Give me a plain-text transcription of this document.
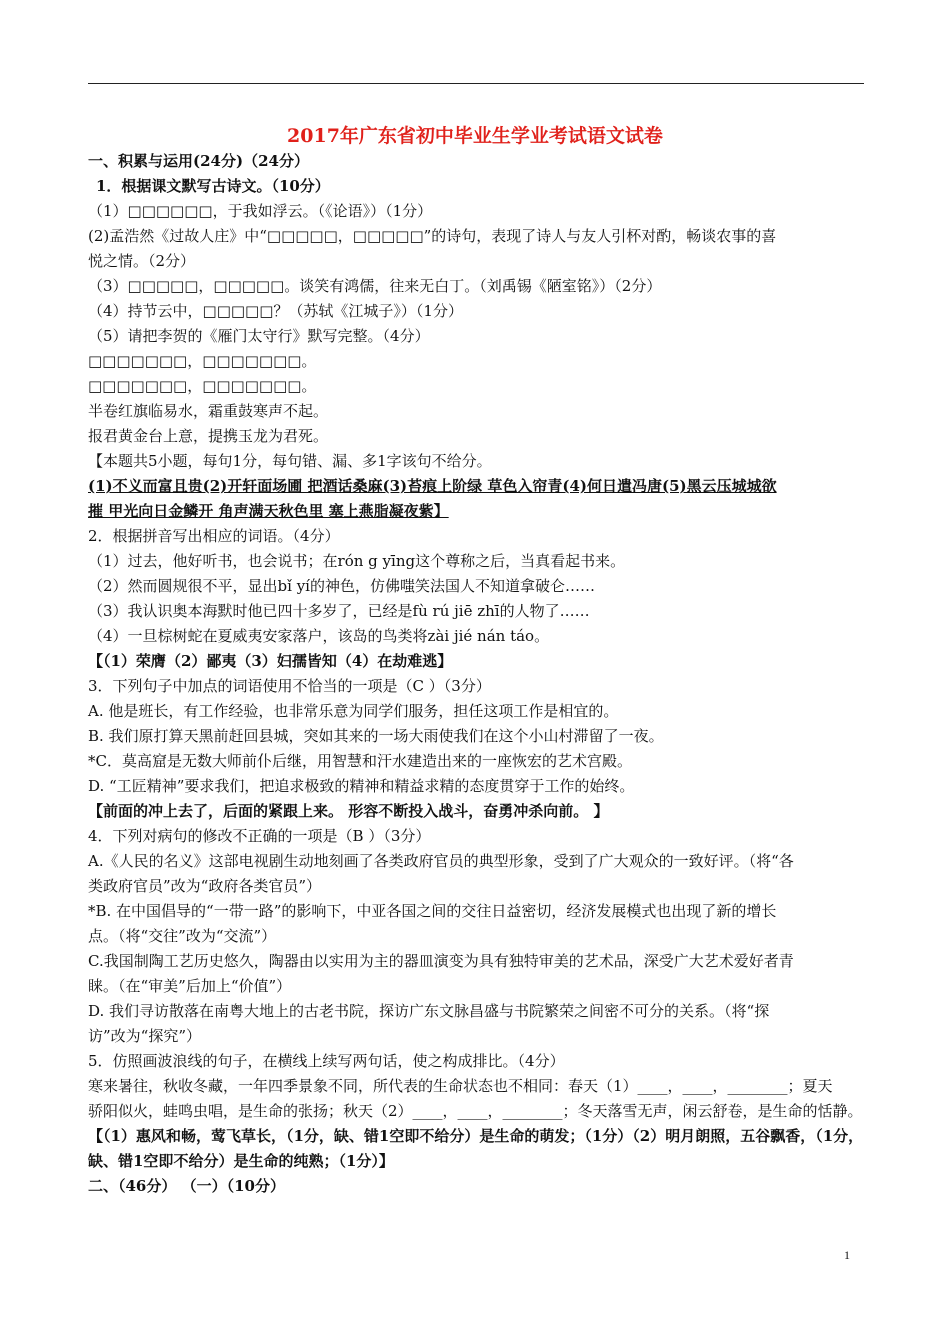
2017年广东省初中毕业生学业考试语文试卷
一、积累与运用(24分)（24分）
1．根据课文默写古诗文。（10分）
（1）□□□□□□，于我如浮云。（《论语》）（1分）
(2)孟浩然《过故人庄》中“□□□□□，□□□□□”的诗句，表现了诗人与友人引杯对酌，畅谈农事的喜
悦之情。（2分）
（3）□□□□□，□□□□□。谈笑有鸿儒，往来无白丁。（刘禹锡《陋室铭》）（2分）
（4）持节云中，□□□□□？（苏轼《江城子》）（1分）
（5）请把李贺的《雁门太守行》默写完整。（4分）
□□□□□□□，□□□□□□□。
□□□□□□□，□□□□□□□。
半卷红旗临易水，霜重鼓寒声不起。
报君黄金台上意，提携玉龙为君死。
【本题共5小题，每句1分，每句错、漏、多1字该句不给分。
(1)不义而富且贵(2)开轩面场圃 把酒话桑麻(3)苔痕上阶绿 草色入帘青(4)何日遣冯唐(5)黑云压城城欲
摧 甲光向日金鳞开 角声满天秋色里 塞上燕脂凝夜紫】
2．根据拼音写出相应的词语。（4分）
（1）过去，他好听书，也会说书；在rón g yīng这个尊称之后，当真看起书来。
（2）然而圆规很不平，显出bǐ yí的神色，仿佛嗤笑法国人不知道拿破仑……
（3）我认识奥本海默时他已四十多岁了，已经是fù rú jiē zhī的人物了……
（4）一旦棕树蛇在夏威夷安家落户，该岛的鸟类将zài jié nán táo。
【（1）荣膺（2）鄙夷（3）妇孺皆知（4）在劫难逃】
3．下列句子中加点的词语使用不恰当的一项是（C ）（3分）
A. 他是班长，有工作经验，也非常乐意为同学们服务，担任这项工作是相宜的。
B. 我们原打算天黑前赶回县城，突如其来的一场大雨使我们在这个小山村滞留了一夜。
*C．莫高窟是无数大师前仆后继，用智慧和汗水建造出来的一座恢宏的艺术宫殿。
D. “工匠精神”要求我们，把追求极致的精神和精益求精的态度贯穿于工作的始终。
【前面的冲上去了，后面的紧跟上来。 形容不断投入战斗，奋勇冲杀向前。 】
4．下列对病句的修改不正确的一项是（B ）（3分）
A.《人民的名义》这部电视剧生动地刻画了各类政府官员的典型形象，受到了广大观众的一致好评。（将“各
类政府官员”改为“政府各类官员”）
*B. 在中国倡导的“一带一路”的影响下，中亚各国之间的交往日益密切，经济发展模式也出现了新的增长
点。（将“交往”改为“交流”）
C.我国制陶工艺历史悠久，陶器由以实用为主的器皿演变为具有独特审美的艺术品，深受广大艺术爱好者青
睐。（在“审美”后加上“价值”）
D. 我们寻访散落在南粤大地上的古老书院，探访广东文脉昌盛与书院繁荣之间密不可分的关系。（将“探
访”改为“探究”）
5．仿照画波浪线的句子，在横线上续写两句话，使之构成排比。（4分）
寒来暑往，秋收冬藏，一年四季景象不同，所代表的生命状态也不相同：春天（1）____，____，________；夏天
骄阳似火，蛙鸣虫唱，是生命的张扬；秋天（2）____，____，________；冬天落雪无声，闲云舒卷，是生命的恬静。
【（1）惠风和畅，莺飞草长，（1分，缺、错1空即不给分）是生命的萌发；（1分）（2）明月朗照，五谷飘香，（1分，
缺、错1空即不给分）是生命的纯熟；（1分）】
二、（46分） （一）（10分）
1
